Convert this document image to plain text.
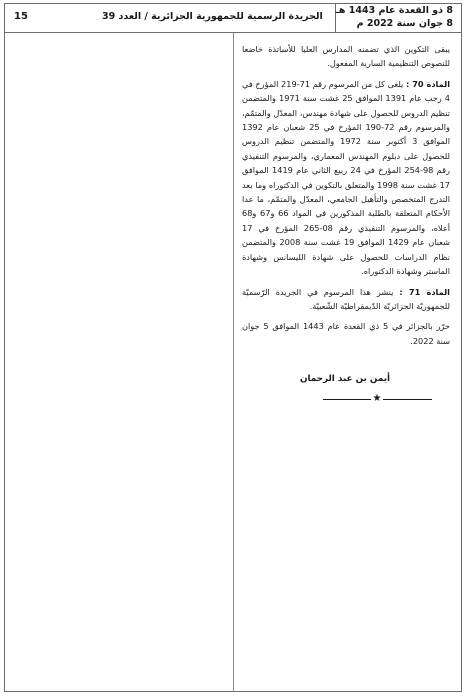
15	الجريدة الرسمية للجمهورية الجزائرية / العدد 39
8 ذو القعدة عام 1443 هـ
8 جوان سنة 2022 م

يبقى التكوين الذي تضمنه المدارس العليا للأساتذة خاضعا للنصوص التنظيمية السارية المفعول.

المادة 70 : يلغى كل من المرسوم رقم 71-219 المؤرخ في 4 رجب عام 1391 الموافق 25 غشت سنة 1971 والمتضمن تنظيم الدروس للحصول على شهادة مهندس، المعدّل والمتمّم، والمرسوم رقم 72-190 المؤرخ في 25 شعبان عام 1392 الموافق 3 أكتوبر سنة 1972 والمتضمن تنظيم الدروس للحصول على دبلوم المهندس المعماري، والمرسوم التنفيذي رقم 98-254 المؤرخ في 24 ربيع الثاني عام 1419 الموافق 17 غشت سنة 1998 والمتعلق بالتكوين في الدكتوراه وما بعد التدرج المتخصص والتأهيل الجامعي، المعدّل والمتمّم، ما عدا الأحكام المتعلقة بالطلبة المذكورين في المواد 66 و67 و68 أعلاه، والمرسوم التنفيذي رقم 08-265 المؤرخ في 17 شعبان عام 1429 الموافق 19 غشت سنة 2008 والمتضمن نظام الدراسات للحصول على شهادة الليسانس وشهادة الماستر وشهادة الدكتوراه.

المادة 71 : ينشر هذا المرسوم في الجريدة الرّسميّة للجمهوريّة الجزائريّة الدّيمقراطيّة الشّعبيّة.

حرّر بالجزائر في 5 ذي القعدة عام 1443 الموافق 5 جوان سنة 2022.

أيمن بن عبد الرحمان
★
